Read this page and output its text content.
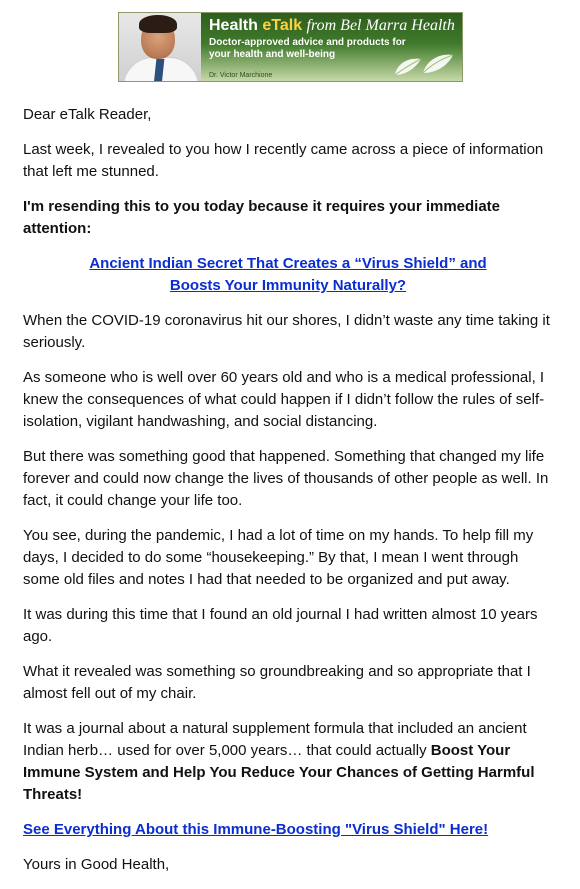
Health eTalk from Bel Marra Health
Doctor-approved advice and products for
your health and well-being
Dr. Victor Marchione

Dear eTalk Reader,

Last week, I revealed to you how I recently came across a piece of information that left me stunned.

I'm resending this to you today because it requires your immediate attention:

Ancient Indian Secret That Creates a “Virus Shield” and
Boosts Your Immunity Naturally?

When the COVID-19 coronavirus hit our shores, I didn’t waste any time taking it seriously.

As someone who is well over 60 years old and who is a medical professional, I knew the consequences of what could happen if I didn’t follow the rules of self-isolation, vigilant handwashing, and social distancing.

But there was something good that happened. Something that changed my life forever and could now change the lives of thousands of other people as well. In fact, it could change your life too.

You see, during the pandemic, I had a lot of time on my hands. To help fill my days, I decided to do some “housekeeping.” By that, I mean I went through some old files and notes I had that needed to be organized and put away.

It was during this time that I found an old journal I had written almost 10 years ago.

What it revealed was something so groundbreaking and so appropriate that I almost fell out of my chair.

It was a journal about a natural supplement formula that included an ancient Indian herb… used for over 5,000 years… that could actually Boost Your Immune System and Help You Reduce Your Chances of Getting Harmful Threats!

See Everything About this Immune-Boosting "Virus Shield" Here!

Yours in Good Health,
